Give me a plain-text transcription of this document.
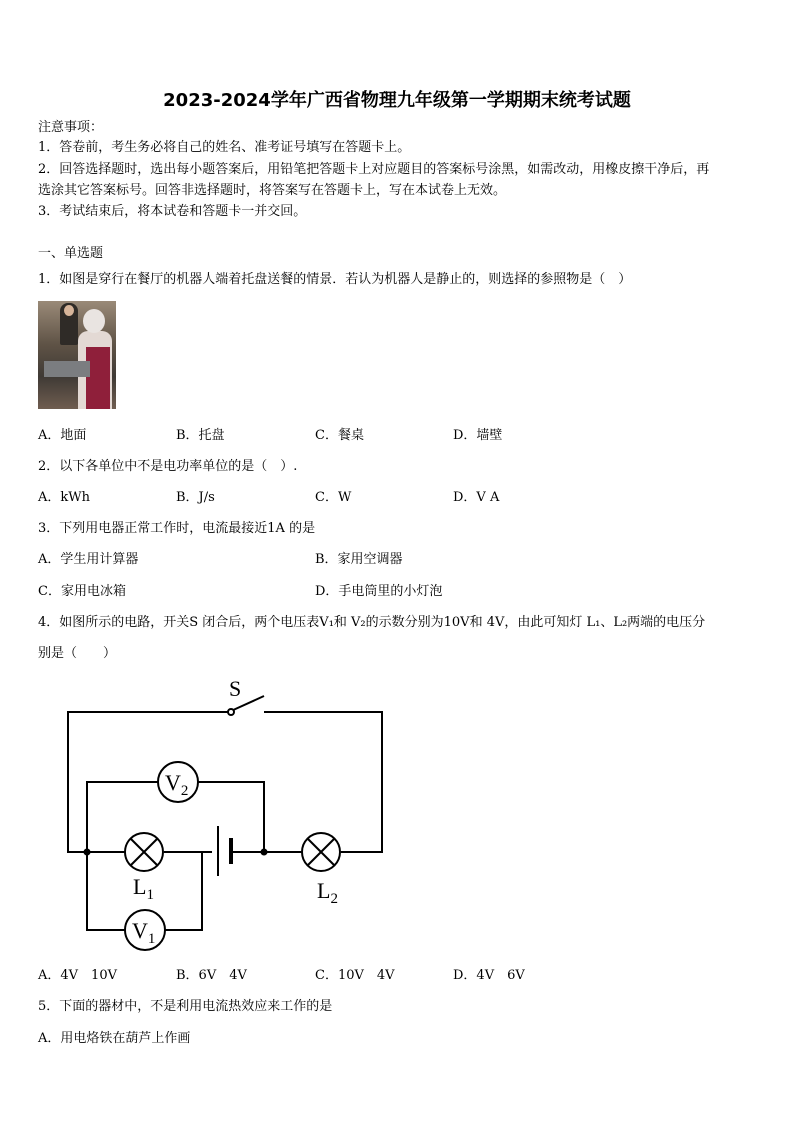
2023-2024学年广西省物理九年级第一学期期末统考试题
注意事项：
1．答卷前，考生务必将自己的姓名、准考证号填写在答题卡上。
2．回答选择题时，选出每小题答案后，用铅笔把答题卡上对应题目的答案标号涂黑，如需改动，用橡皮擦干净后，再
选涂其它答案标号。回答非选择题时，将答案写在答题卡上，写在本试卷上无效。
3．考试结束后，将本试卷和答题卡一并交回。
一、单选题
1．如图是穿行在餐厅的机器人端着托盘送餐的情景．若认为机器人是静止的，则选择的参照物是（　）
A．地面	B．托盘	C．餐桌	D．墙壁
2．以下各单位中不是电功率单位的是（　）.
A．kWh	B．J/s	C．W	D．V A
3．下列用电器正常工作时，电流最接近1A 的是
A．学生用计算器	B．家用空调器
C．家用电冰箱	D．手电筒里的小灯泡
4．如图所示的电路，开关S 闭合后，两个电压表V₁和 V₂的示数分别为10V和 4V，由此可知灯 L₁、L₂两端的电压分
别是（　　）
S
$V_2$
$V_1$
$L_1$	$L_2$
A．4V　10V	B．6V　4V	C．10V　4V	D．4V　6V
5．下面的器材中，不是利用电流热效应来工作的是
A．用电烙铁在葫芦上作画
